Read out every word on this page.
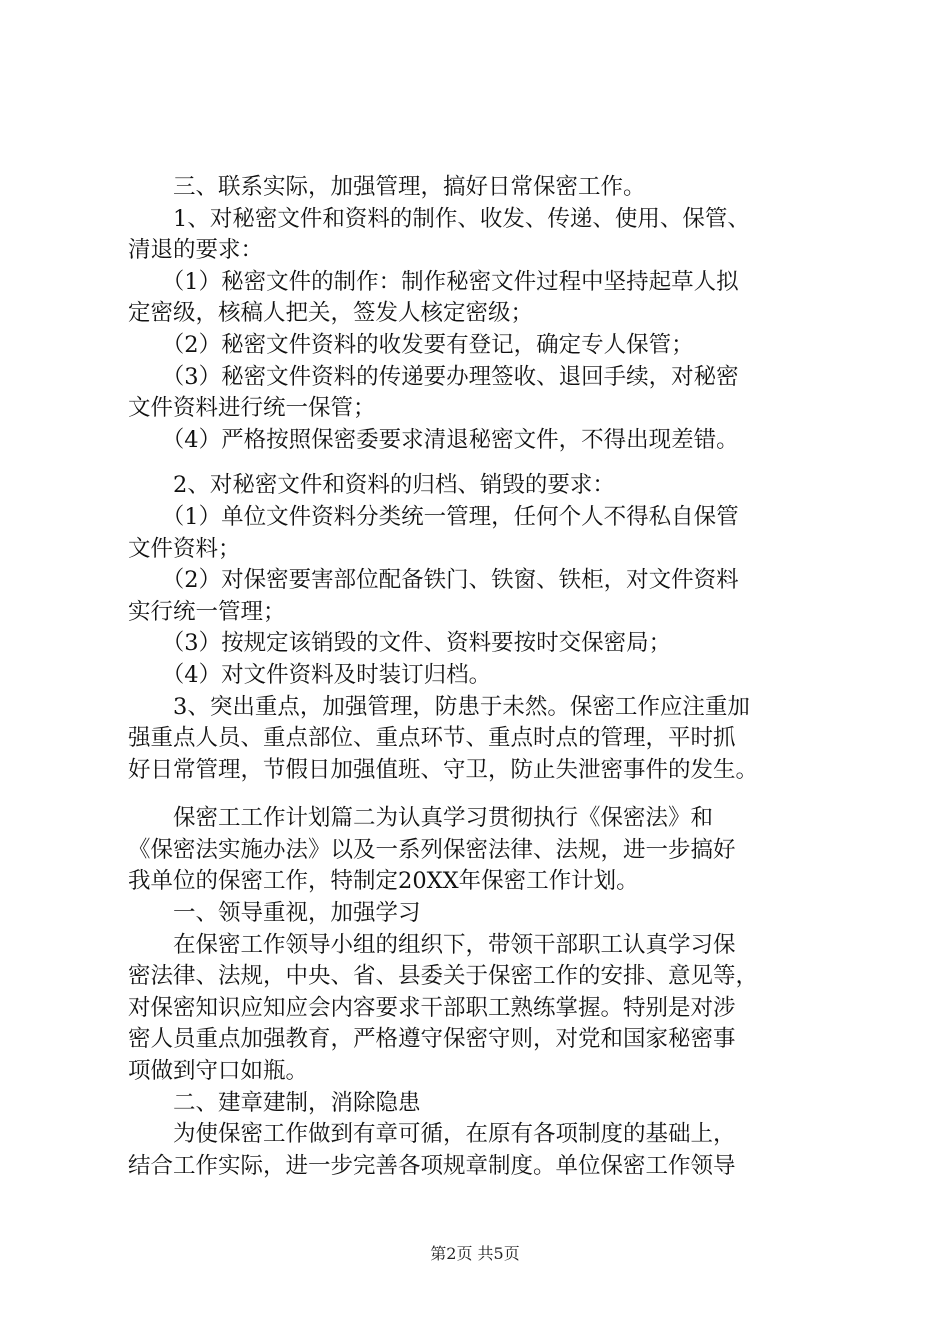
　　三、联系实际，加强管理，搞好日常保密工作。
　　1、对秘密文件和资料的制作、收发、传递、使用、保管、
清退的要求：
　　（1）秘密文件的制作：制作秘密文件过程中坚持起草人拟
定密级，核稿人把关，签发人核定密级；
　　（2）秘密文件资料的收发要有登记，确定专人保管；
　　（3）秘密文件资料的传递要办理签收、退回手续，对秘密
文件资料进行统一保管；
　　（4）严格按照保密委要求清退秘密文件，不得出现差错。
　　2、对秘密文件和资料的归档、销毁的要求：
　　（1）单位文件资料分类统一管理，任何个人不得私自保管
文件资料；
　　（2）对保密要害部位配备铁门、铁窗、铁柜，对文件资料
实行统一管理；
　　（3）按规定该销毁的文件、资料要按时交保密局；
　　（4）对文件资料及时装订归档。
　　3、突出重点，加强管理，防患于未然。保密工作应注重加
强重点人员、重点部位、重点环节、重点时点的管理，平时抓
好日常管理，节假日加强值班、守卫，防止失泄密事件的发生。
　　保密工工作计划篇二为认真学习贯彻执行《保密法》和
《保密法实施办法》以及一系列保密法律、法规，进一步搞好
我单位的保密工作，特制定20XX年保密工作计划。
　　一、领导重视，加强学习
　　在保密工作领导小组的组织下，带领干部职工认真学习保
密法律、法规，中央、省、县委关于保密工作的安排、意见等，
对保密知识应知应会内容要求干部职工熟练掌握。特别是对涉
密人员重点加强教育，严格遵守保密守则，对党和国家秘密事
项做到守口如瓶。
　　二、建章建制，消除隐患
　　为使保密工作做到有章可循，在原有各项制度的基础上，
结合工作实际，进一步完善各项规章制度。单位保密工作领导
第2页 共5页
